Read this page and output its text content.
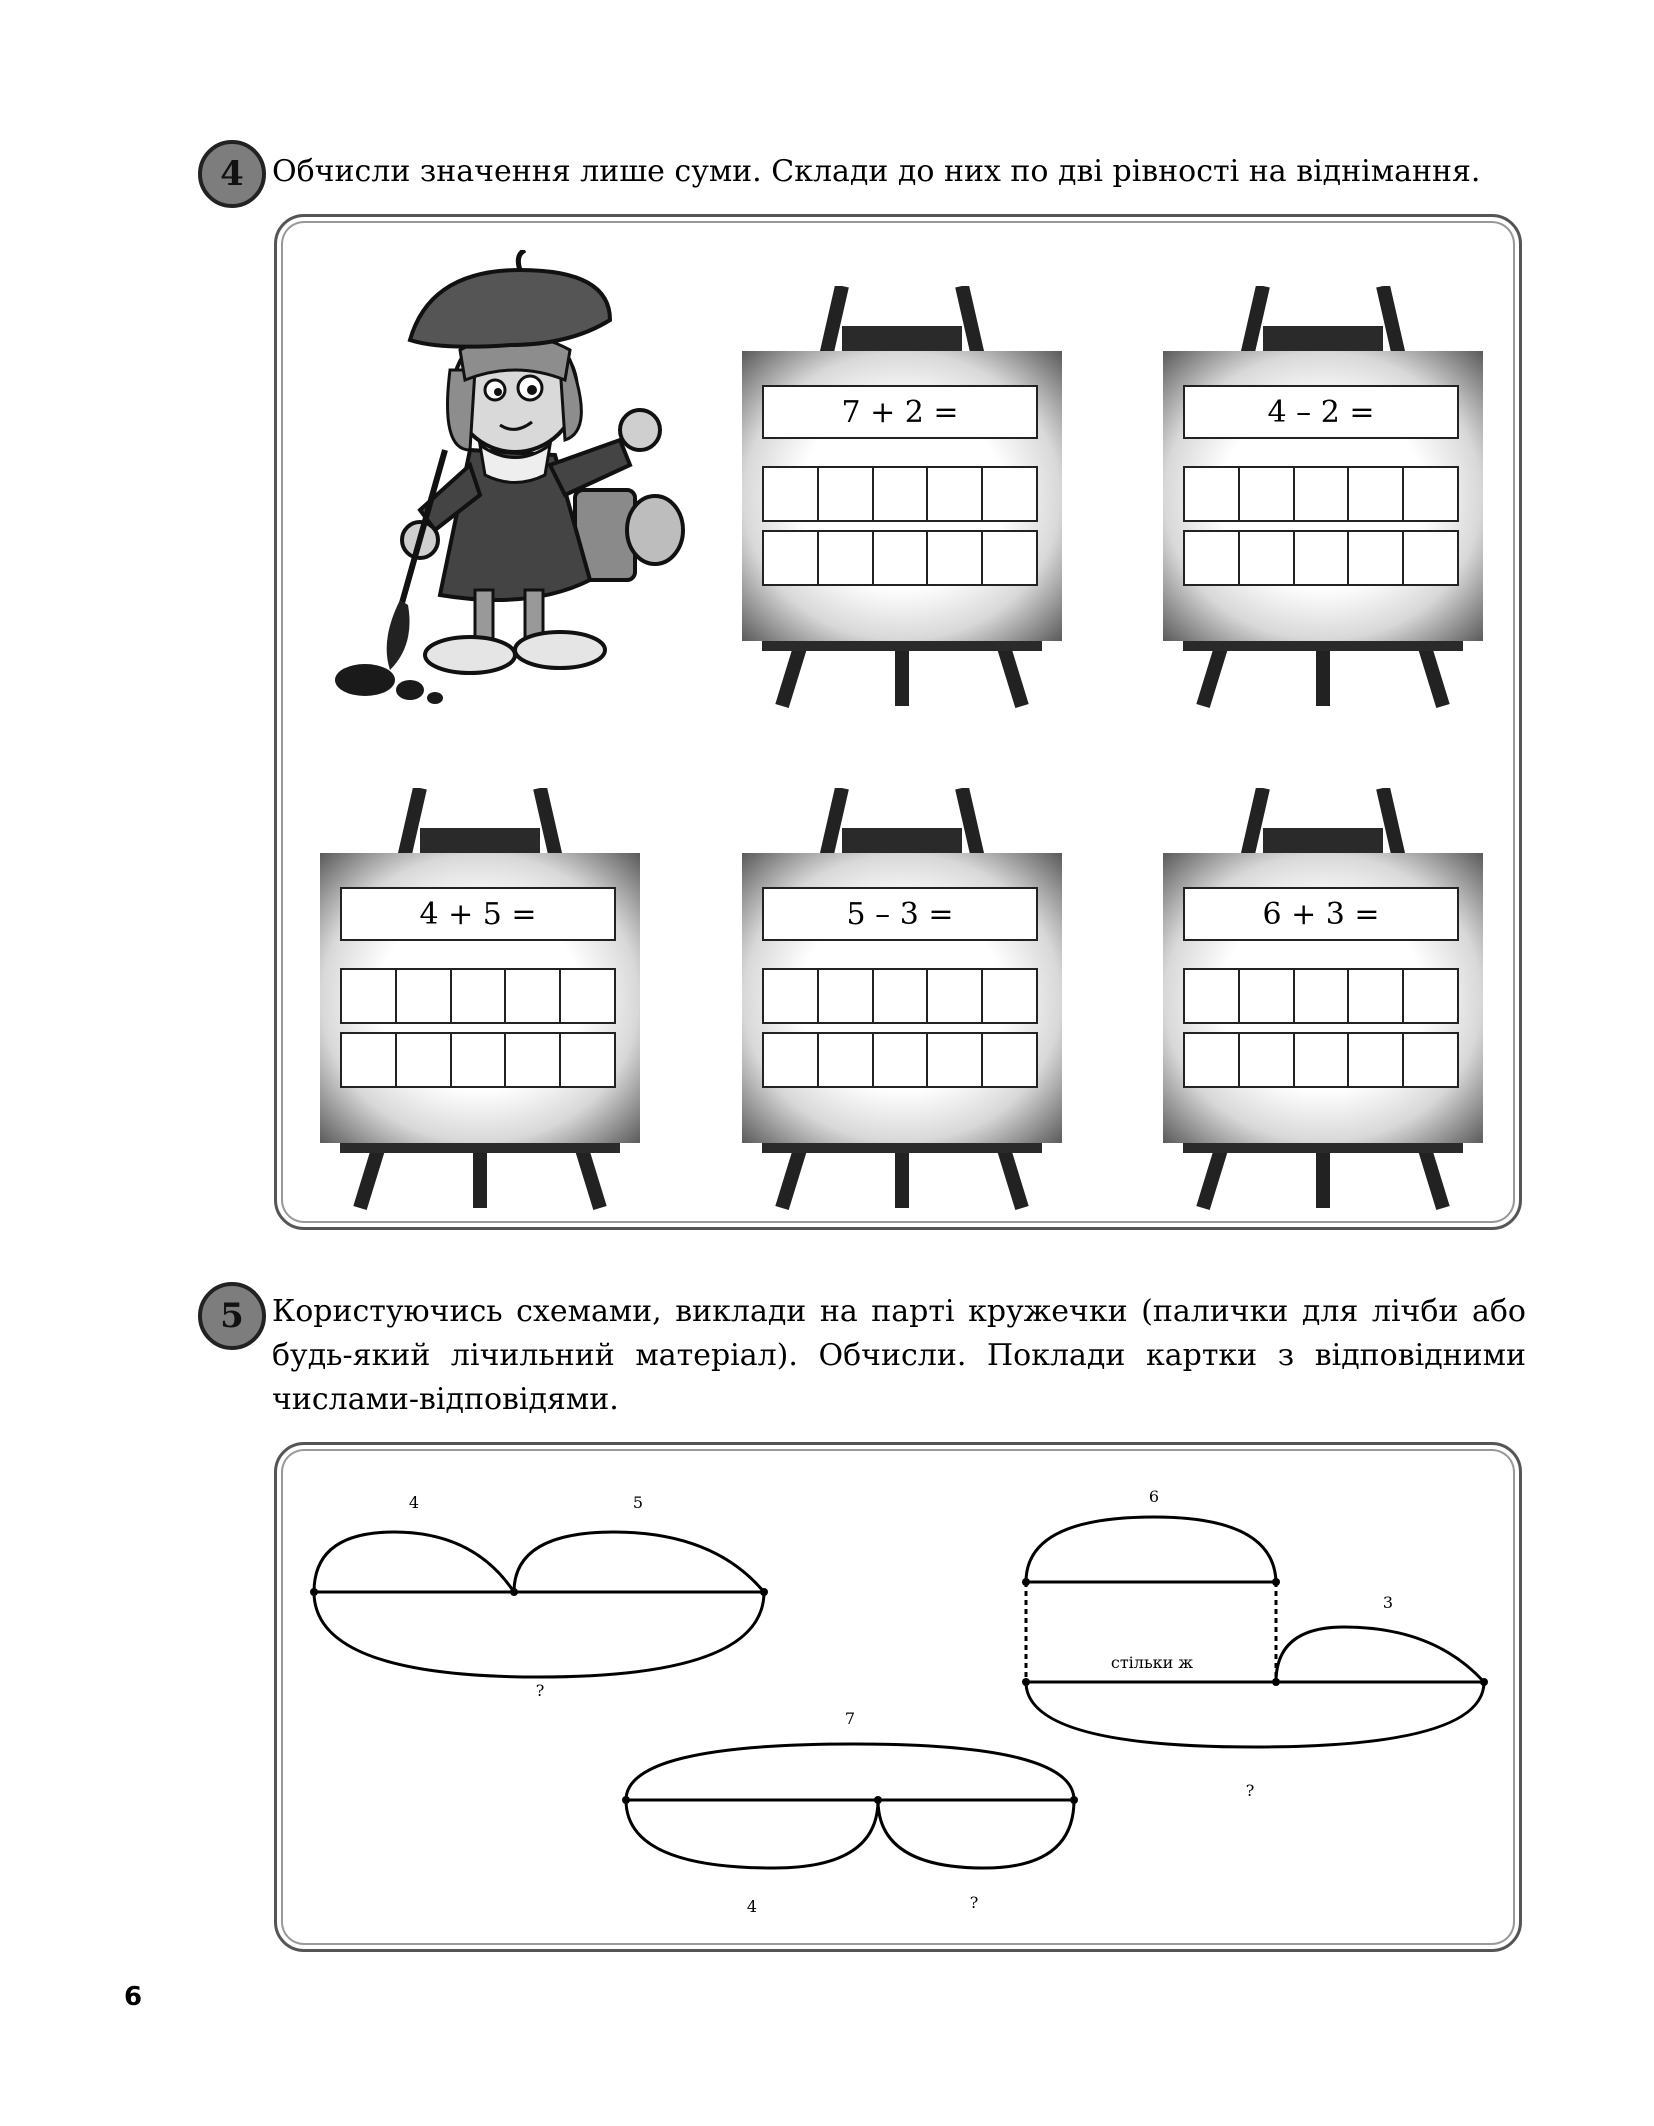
4 Обчисли значення лише суми. Склади до них по дві рівності на віднімання.
7 + 2 =	4 – 2 =
4 + 5 =	5 – 3 =	6 + 3 =
5 Користуючись схемами, виклади на парті кружечки (палички для лічби або будь-який лічильний матеріал). Обчисли. Поклади картки з відповідними числами-відповідями.
4	5
?
6
стільки ж
3
?
7
4	?
6
